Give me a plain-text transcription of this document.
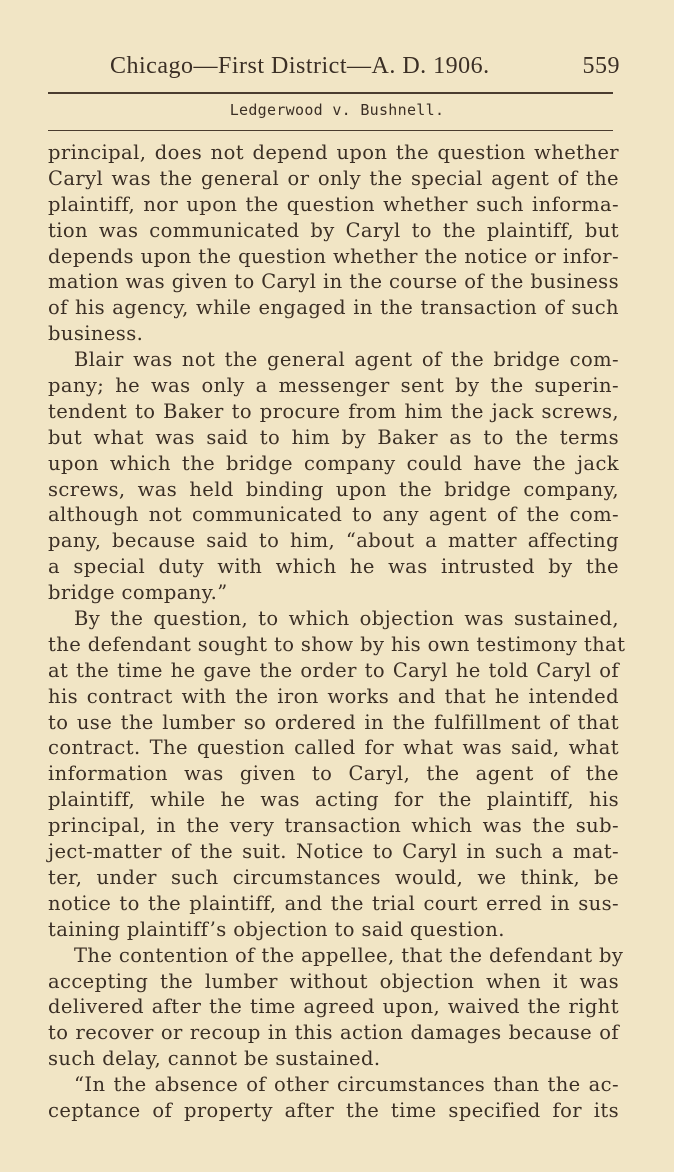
Chicago—First District—A. D. 1906.	559
Ledgerwood v. Bushnell.
principal, does not depend upon the question whether
Caryl was the general or only the special agent of the
plaintiff, nor upon the question whether such informa-
tion was communicated by Caryl to the plaintiff, but
depends upon the question whether the notice or infor-
mation was given to Caryl in the course of the business
of his agency, while engaged in the transaction of such
business.
Blair was not the general agent of the bridge com-
pany; he was only a messenger sent by the superin-
tendent to Baker to procure from him the jack screws,
but what was said to him by Baker as to the terms
upon which the bridge company could have the jack
screws, was held binding upon the bridge company,
although not communicated to any agent of the com-
pany, because said to him, “about a matter affecting
a special duty with which he was intrusted by the
bridge company.”
By the question, to which objection was sustained,
the defendant sought to show by his own testimony that
at the time he gave the order to Caryl he told Caryl of
his contract with the iron works and that he intended
to use the lumber so ordered in the fulfillment of that
contract. The question called for what was said, what
information was given to Caryl, the agent of the
plaintiff, while he was acting for the plaintiff, his
principal, in the very transaction which was the sub-
ject-matter of the suit. Notice to Caryl in such a mat-
ter, under such circumstances would, we think, be
notice to the plaintiff, and the trial court erred in sus-
taining plaintiff’s objection to said question.
The contention of the appellee, that the defendant by
accepting the lumber without objection when it was
delivered after the time agreed upon, waived the right
to recover or recoup in this action damages because of
such delay, cannot be sustained.
“In the absence of other circumstances than the ac-
ceptance of property after the time specified for its
